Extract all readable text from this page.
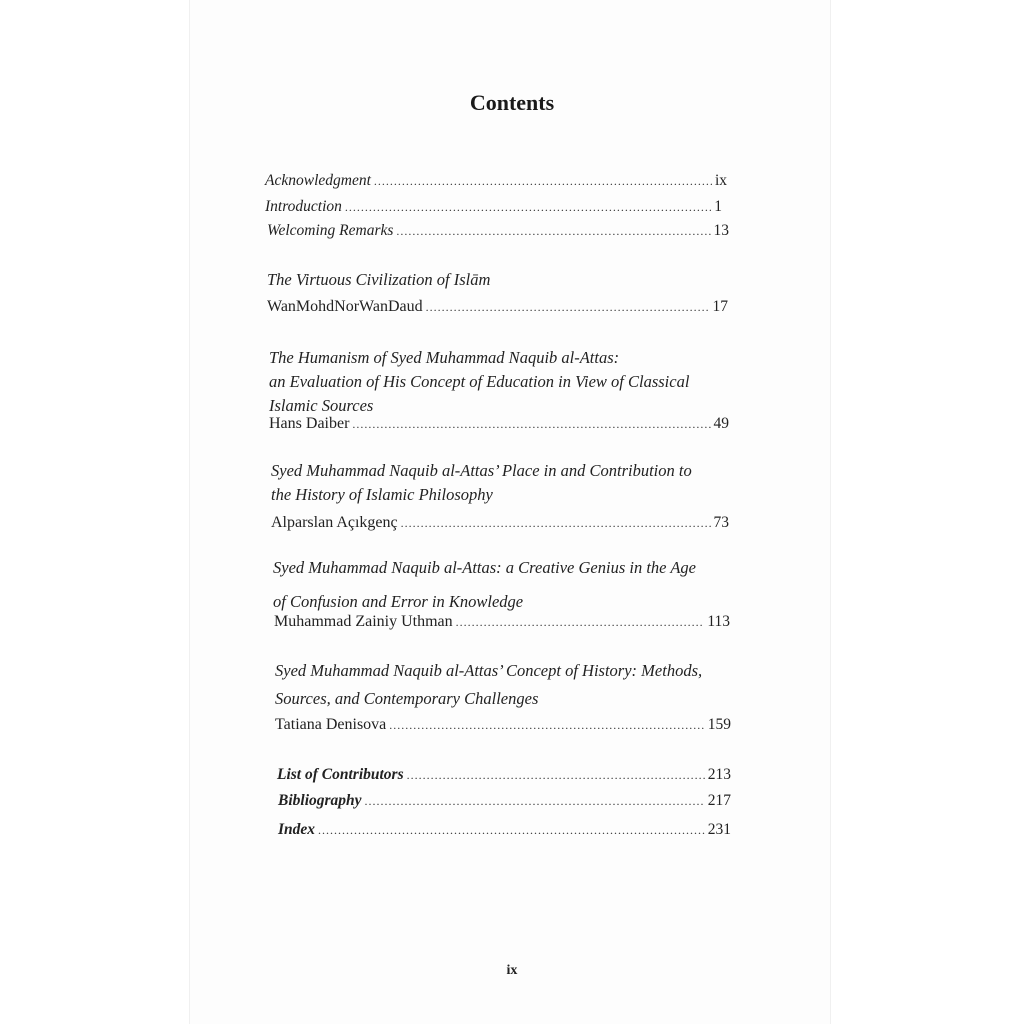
Contents
Acknowledgment .....	ix
Introduction .....	1
Welcoming Remarks .....	13
The Virtuous Civilization of Islām
WanMohdNorWanDaud .....	17
The Humanism of Syed Muhammad Naquib al-Attas:
an Evaluation of His Concept of Education in View of Classical
Islamic Sources
Hans Daiber .....	49
Syed Muhammad Naquib al-Attas’ Place in and Contribution to
the History of Islamic Philosophy
Alparslan Açıkgenç .....	73
Syed Muhammad Naquib al-Attas: a Creative Genius in the Age
of Confusion and Error in Knowledge
Muhammad Zainiy Uthman .....	113
Syed Muhammad Naquib al-Attas’ Concept of History: Methods,
Sources, and Contemporary Challenges
Tatiana Denisova .....	159
List of Contributors .....	213
Bibliography .....	217
Index .....	231
ix
